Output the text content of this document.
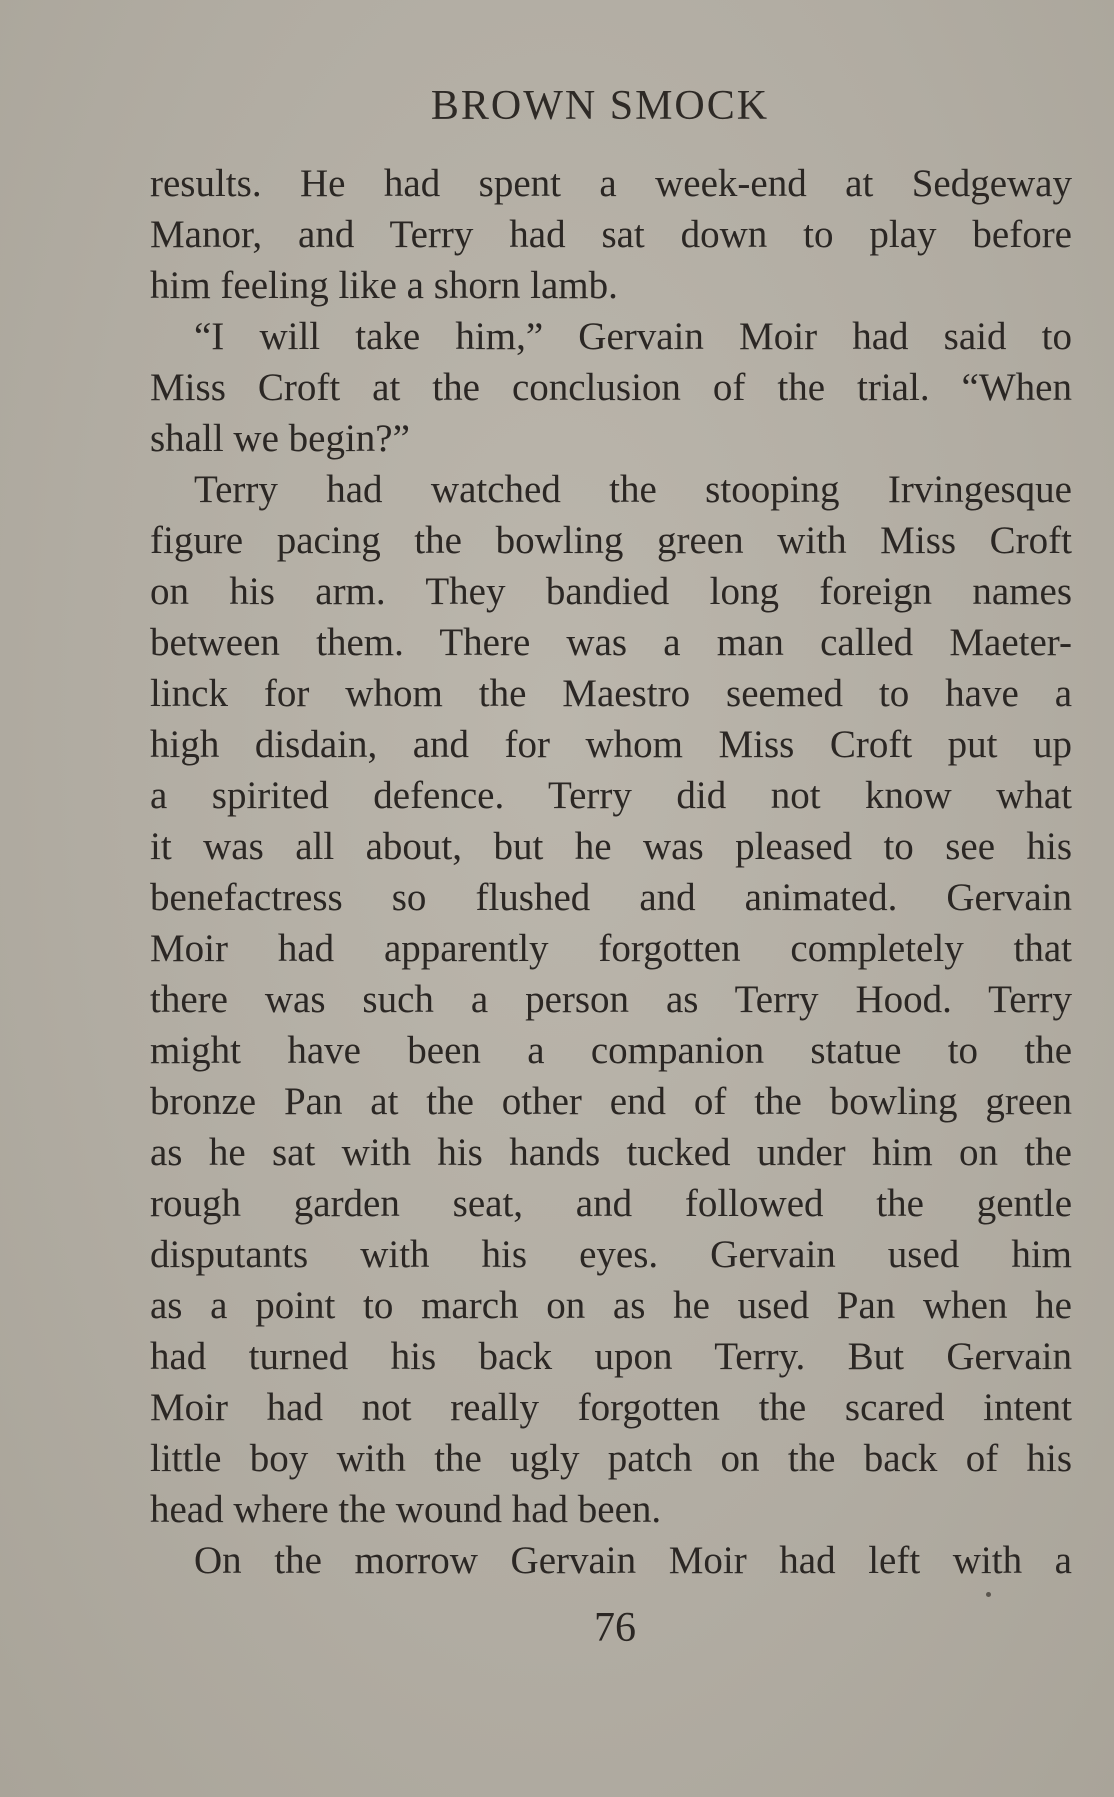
BROWN SMOCK
results. He had spent a week-end at Sedgeway
Manor, and Terry had sat down to play before
him feeling like a shorn lamb.
“I will take him,” Gervain Moir had said to
Miss Croft at the conclusion of the trial. “When
shall we begin?”
Terry had watched the stooping Irvingesque
figure pacing the bowling green with Miss Croft
on his arm. They bandied long foreign names
between them. There was a man called Maeter-
linck for whom the Maestro seemed to have a
high disdain, and for whom Miss Croft put up
a spirited defence. Terry did not know what
it was all about, but he was pleased to see his
benefactress so flushed and animated. Gervain
Moir had apparently forgotten completely that
there was such a person as Terry Hood. Terry
might have been a companion statue to the
bronze Pan at the other end of the bowling green
as he sat with his hands tucked under him on the
rough garden seat, and followed the gentle
disputants with his eyes. Gervain used him
as a point to march on as he used Pan when he
had turned his back upon Terry. But Gervain
Moir had not really forgotten the scared intent
little boy with the ugly patch on the back of his
head where the wound had been.
On the morrow Gervain Moir had left with a
76
